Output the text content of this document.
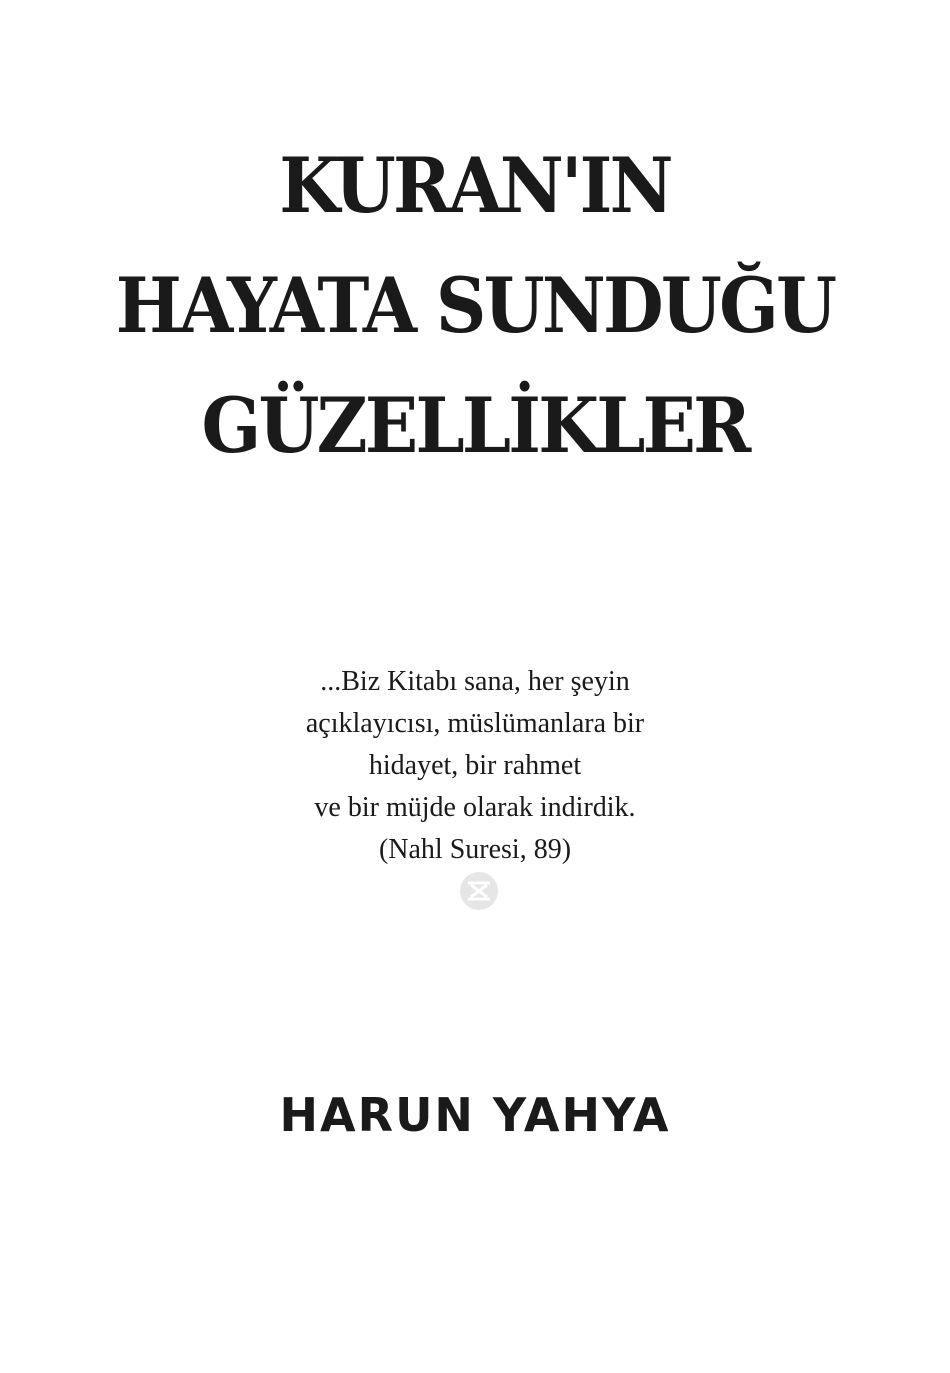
KURAN'IN
HAYATA SUNDUĞU
GÜZELLİKLER
...Biz Kitabı sana, her şeyin
açıklayıcısı, müslümanlara bir
hidayet, bir rahmet
ve bir müjde olarak indirdik.
(Nahl Suresi, 89)
HARUN YAHYA
